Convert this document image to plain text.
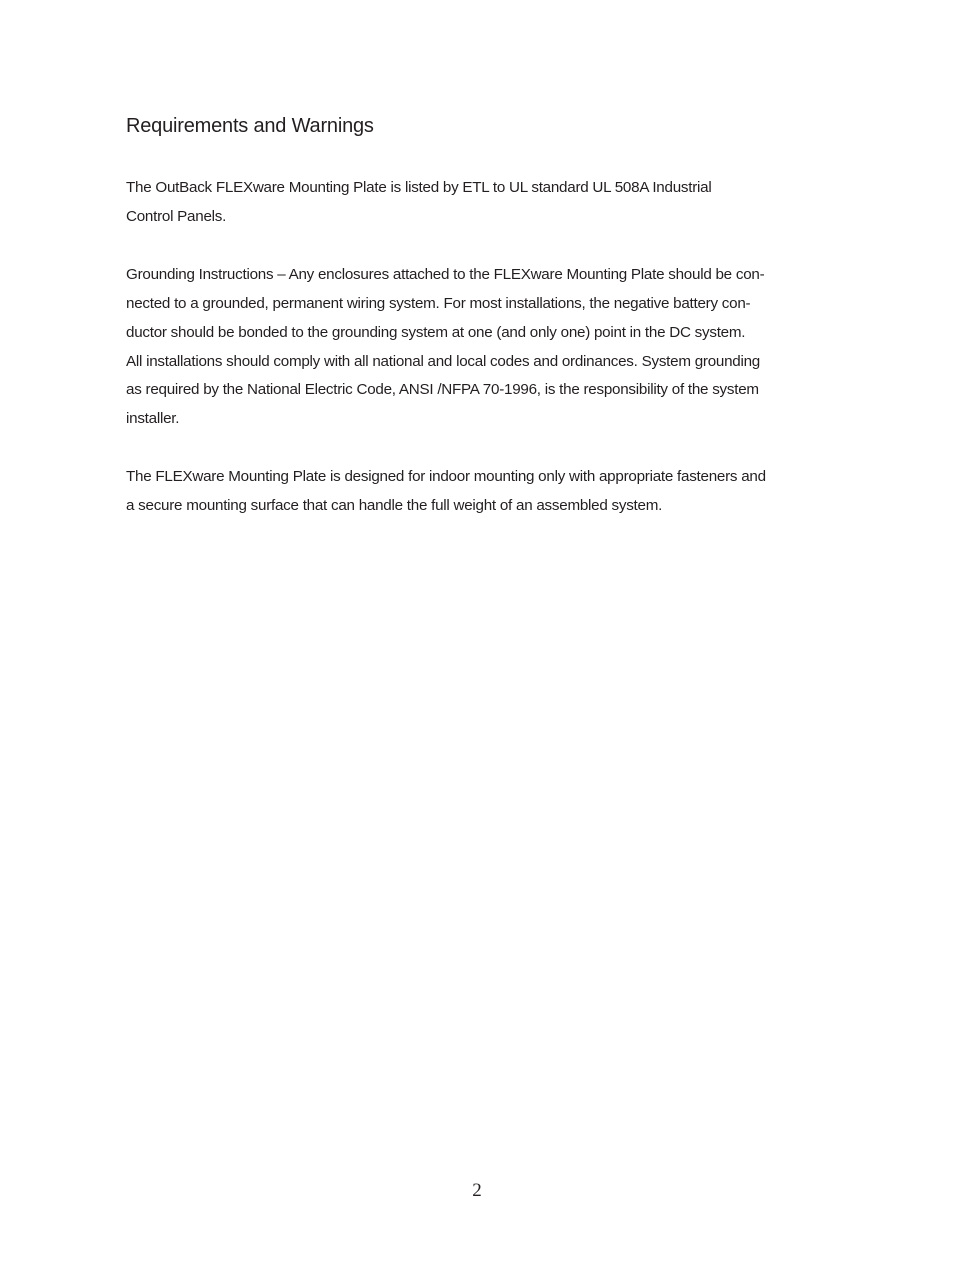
Requirements and Warnings

The OutBack FLEXware Mounting Plate is listed by ETL to UL standard UL 508A Industrial
Control Panels.

Grounding Instructions – Any enclosures attached to the FLEXware Mounting Plate should be con-
nected to a grounded, permanent wiring system. For most installations, the negative battery con-
ductor should be bonded to the grounding system at one (and only one) point in the DC system.
All installations should comply with all national and local codes and ordinances. System grounding
as required by the National Electric Code, ANSI /NFPA 70-1996, is the responsibility of the system
installer.

The FLEXware Mounting Plate is designed for indoor mounting only with appropriate fasteners and
a secure mounting surface that can handle the full weight of an assembled system.

2
